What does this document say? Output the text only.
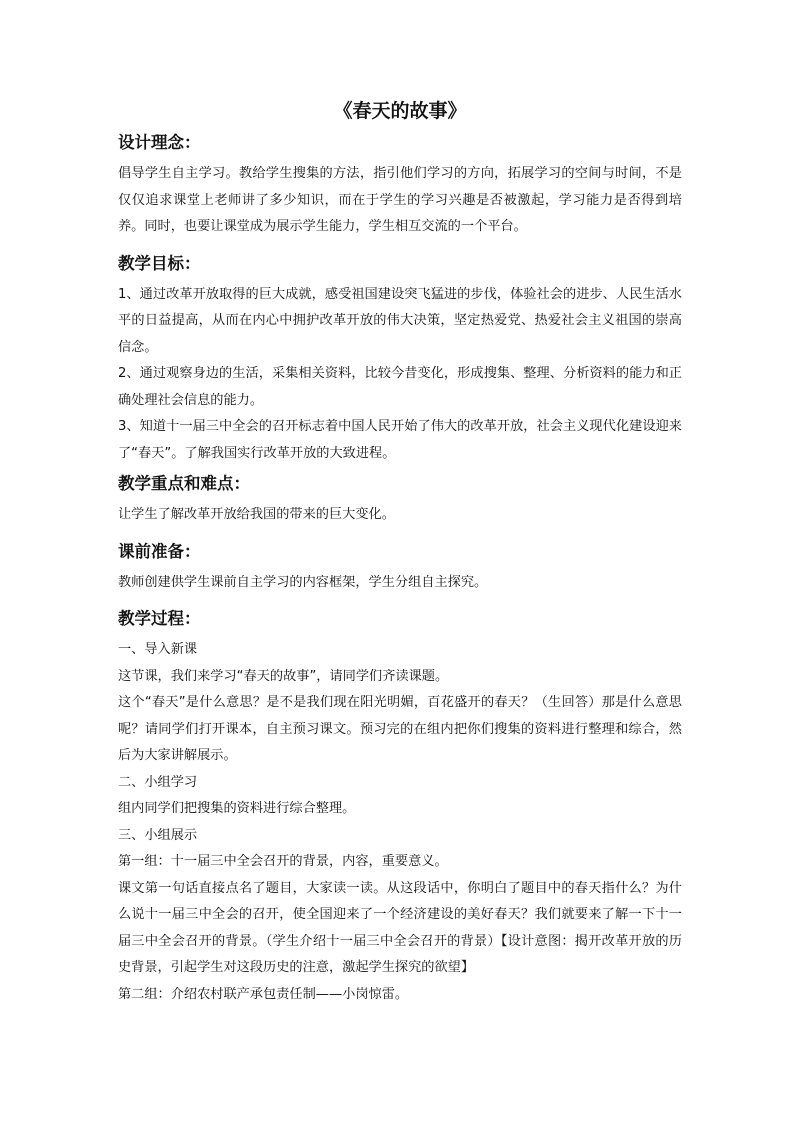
《春天的故事》
设计理念：

倡导学生自主学习。教给学生搜集的方法，指引他们学习的方向，拓展学习的空间与时间，不是仅仅追求课堂上老师讲了多少知识，而在于学生的学习兴趣是否被激起，学习能力是否得到培养。同时，也要让课堂成为展示学生能力，学生相互交流的一个平台。

教学目标：

1、通过改革开放取得的巨大成就，感受祖国建设突飞猛进的步伐，体验社会的进步、人民生活水平的日益提高，从而在内心中拥护改革开放的伟大决策，坚定热爱党、热爱社会主义祖国的崇高信念。

2、通过观察身边的生活，采集相关资料，比较今昔变化，形成搜集、整理、分析资料的能力和正确处理社会信息的能力。

3、知道十一届三中全会的召开标志着中国人民开始了伟大的改革开放，社会主义现代化建设迎来了“春天”。了解我国实行改革开放的大致进程。

教学重点和难点：

让学生了解改革开放给我国的带来的巨大变化。

课前准备：

教师创建供学生课前自主学习的内容框架，学生分组自主探究。

教学过程：

一、导入新课

这节课，我们来学习“春天的故事”，请同学们齐读课题。

这个“春天”是什么意思？是不是我们现在阳光明媚，百花盛开的春天？（生回答）那是什么意思呢？请同学们打开课本，自主预习课文。预习完的在组内把你们搜集的资料进行整理和综合，然后为大家讲解展示。

二、小组学习

组内同学们把搜集的资料进行综合整理。

三、小组展示

第一组：十一届三中全会召开的背景，内容，重要意义。

课文第一句话直接点名了题目，大家读一读。从这段话中，你明白了题目中的春天指什么？为什么说十一届三中全会的召开，使全国迎来了一个经济建设的美好春天？我们就要来了解一下十一届三中全会召开的背景。（学生介绍十一届三中全会召开的背景）【设计意图：揭开改革开放的历史背景，引起学生对这段历史的注意，激起学生探究的欲望】

第二组：介绍农村联产承包责任制——小岗惊雷。
